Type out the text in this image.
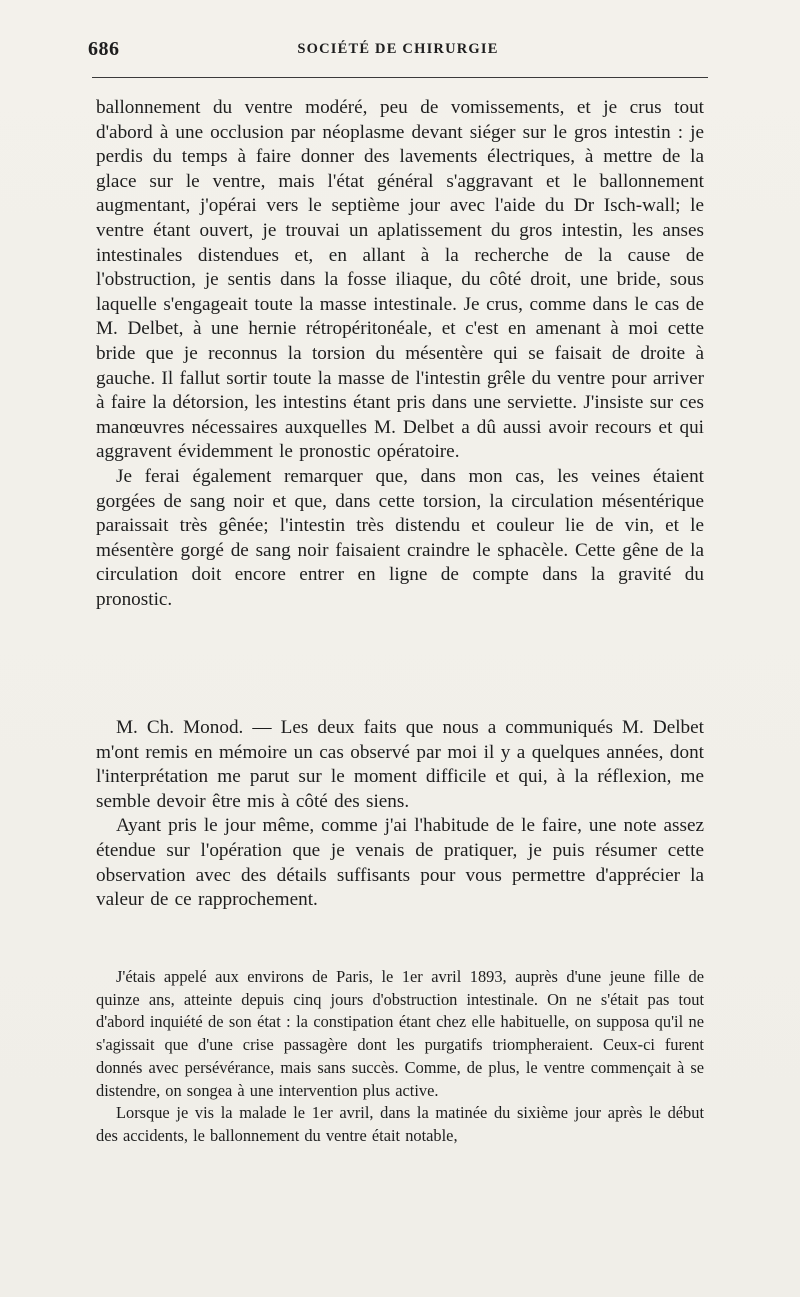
686	SOCIÉTÉ DE CHIRURGIE

ballonnement du ventre modéré, peu de vomissements, et je crus tout d'abord à une occlusion par néoplasme devant siéger sur le gros intestin : je perdis du temps à faire donner des lavements électriques, à mettre de la glace sur le ventre, mais l'état général s'aggravant et le ballonnement augmentant, j'opérai vers le septième jour avec l'aide du Dr Isch-wall; le ventre étant ouvert, je trouvai un aplatissement du gros intestin, les anses intestinales distendues et, en allant à la recherche de la cause de l'obstruction, je sentis dans la fosse iliaque, du côté droit, une bride, sous laquelle s'engageait toute la masse intestinale. Je crus, comme dans le cas de M. Delbet, à une hernie rétropéritonéale, et c'est en amenant à moi cette bride que je reconnus la torsion du mésentère qui se faisait de droite à gauche. Il fallut sortir toute la masse de l'intestin grêle du ventre pour arriver à faire la détorsion, les intestins étant pris dans une serviette. J'insiste sur ces manœuvres nécessaires auxquelles M. Delbet a dû aussi avoir recours et qui aggravent évidemment le pronostic opératoire.

Je ferai également remarquer que, dans mon cas, les veines étaient gorgées de sang noir et que, dans cette torsion, la circulation mésentérique paraissait très gênée; l'intestin très distendu et couleur lie de vin, et le mésentère gorgé de sang noir faisaient craindre le sphacèle. Cette gêne de la circulation doit encore entrer en ligne de compte dans la gravité du pronostic.

M. Ch. Monod. — Les deux faits que nous a communiqués M. Delbet m'ont remis en mémoire un cas observé par moi il y a quelques années, dont l'interprétation me parut sur le moment difficile et qui, à la réflexion, me semble devoir être mis à côté des siens.

Ayant pris le jour même, comme j'ai l'habitude de le faire, une note assez étendue sur l'opération que je venais de pratiquer, je puis résumer cette observation avec des détails suffisants pour vous permettre d'apprécier la valeur de ce rapprochement.

J'étais appelé aux environs de Paris, le 1er avril 1893, auprès d'une jeune fille de quinze ans, atteinte depuis cinq jours d'obstruction intestinale. On ne s'était pas tout d'abord inquiété de son état : la constipation étant chez elle habituelle, on supposa qu'il ne s'agissait que d'une crise passagère dont les purgatifs triompheraient. Ceux-ci furent donnés avec persévérance, mais sans succès. Comme, de plus, le ventre commençait à se distendre, on songea à une intervention plus active.

Lorsque je vis la malade le 1er avril, dans la matinée du sixième jour après le début des accidents, le ballonnement du ventre était notable,
